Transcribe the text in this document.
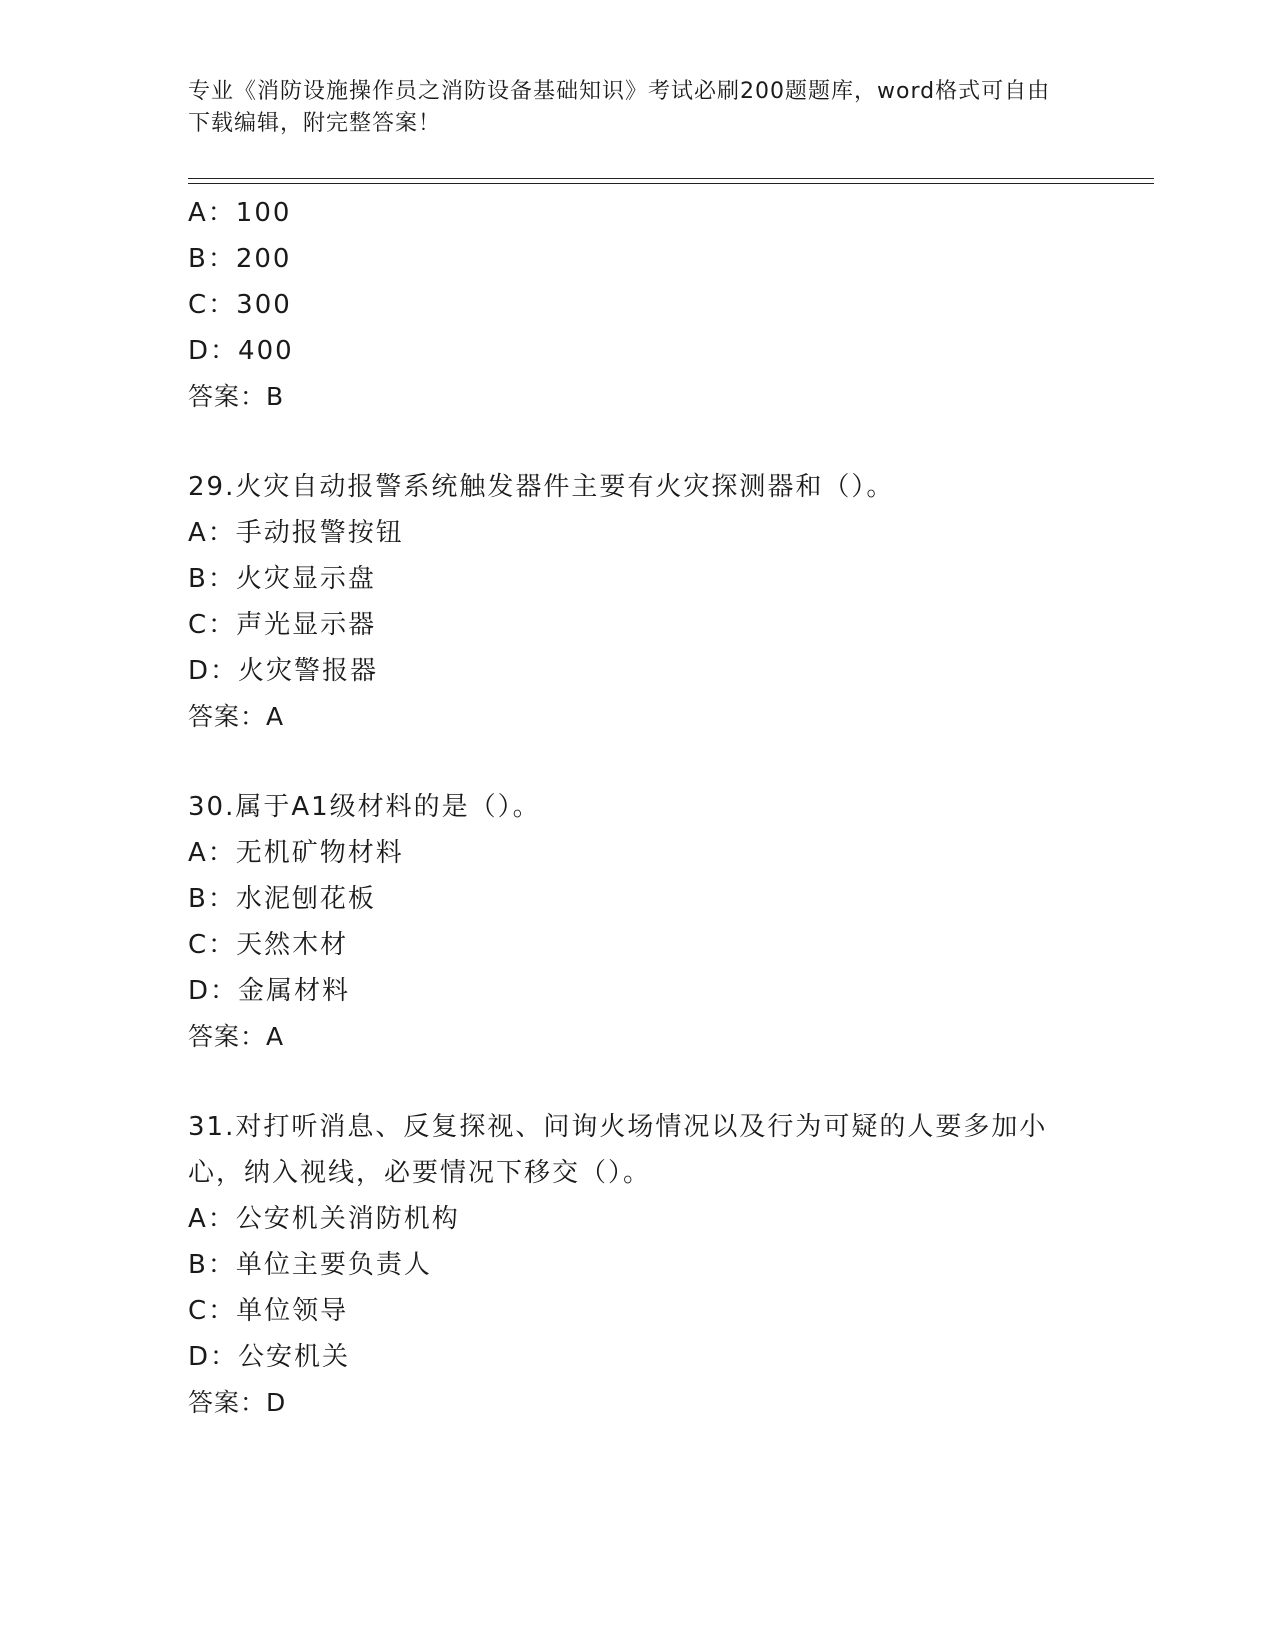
专业《消防设施操作员之消防设备基础知识》考试必刷200题题库，word格式可自由下载编辑，附完整答案！
A：100
B：200
C：300
D：400
答案：B
29.火灾自动报警系统触发器件主要有火灾探测器和（）。
A：手动报警按钮
B：火灾显示盘
C：声光显示器
D：火灾警报器
答案：A
30.属于A1级材料的是（）。
A：无机矿物材料
B：水泥刨花板
C：天然木材
D：金属材料
答案：A
31.对打听消息、反复探视、问询火场情况以及行为可疑的人要多加小
心，纳入视线，必要情况下移交（）。
A：公安机关消防机构
B：单位主要负责人
C：单位领导
D：公安机关
答案：D
